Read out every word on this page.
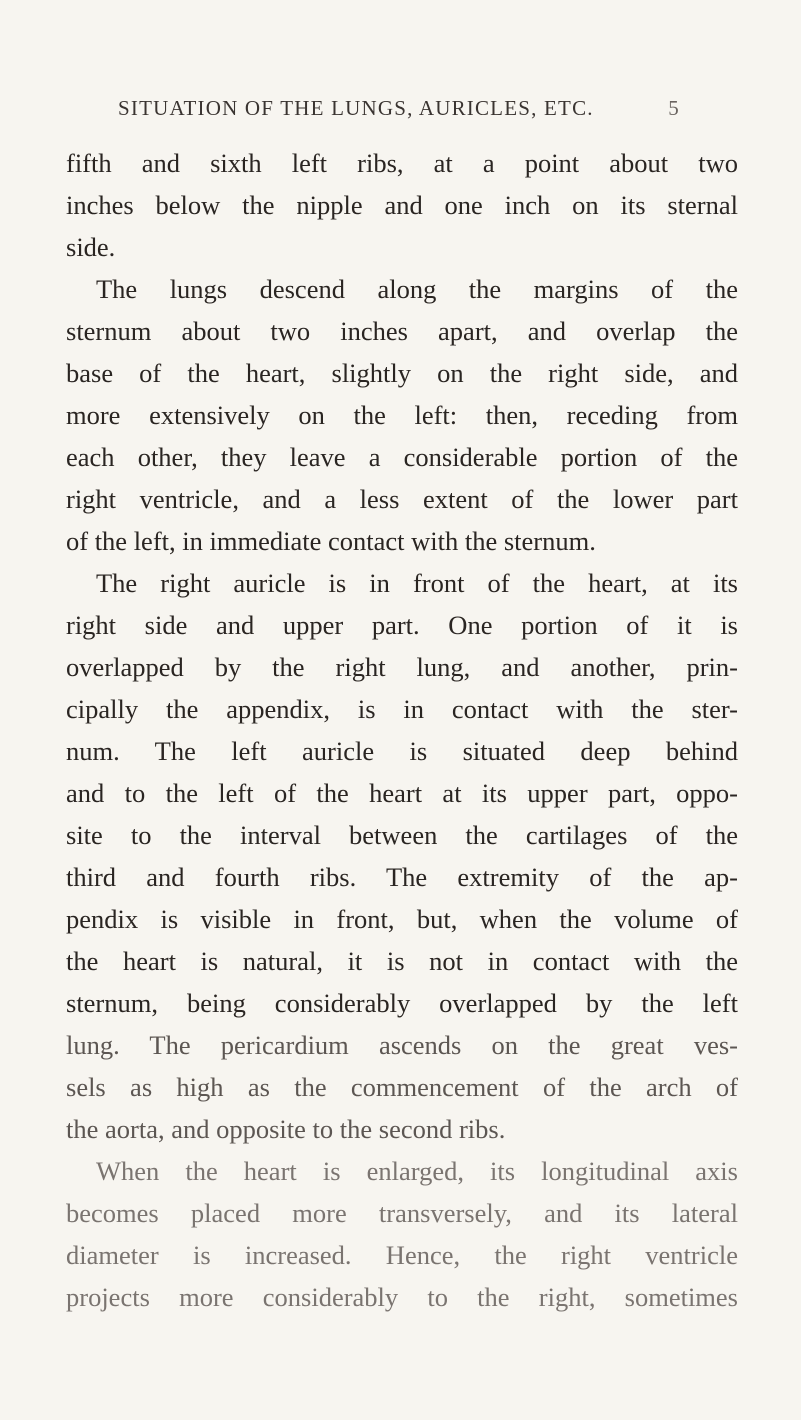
SITUATION OF THE LUNGS, AURICLES, ETC.	5
fifth and sixth left ribs, at a point about two
inches below the nipple and one inch on its sternal
side.
The lungs descend along the margins of the
sternum about two inches apart, and overlap the
base of the heart, slightly on the right side, and
more extensively on the left: then, receding from
each other, they leave a considerable portion of the
right ventricle, and a less extent of the lower part
of the left, in immediate contact with the sternum.
The right auricle is in front of the heart, at its
right side and upper part. One portion of it is
overlapped by the right lung, and another, prin-
cipally the appendix, is in contact with the ster-
num. The left auricle is situated deep behind
and to the left of the heart at its upper part, oppo-
site to the interval between the cartilages of the
third and fourth ribs. The extremity of the ap-
pendix is visible in front, but, when the volume of
the heart is natural, it is not in contact with the
sternum, being considerably overlapped by the left
lung. The pericardium ascends on the great ves-
sels as high as the commencement of the arch of
the aorta, and opposite to the second ribs.
When the heart is enlarged, its longitudinal axis
becomes placed more transversely, and its lateral
diameter is increased. Hence, the right ventricle
projects more considerably to the right, sometimes
